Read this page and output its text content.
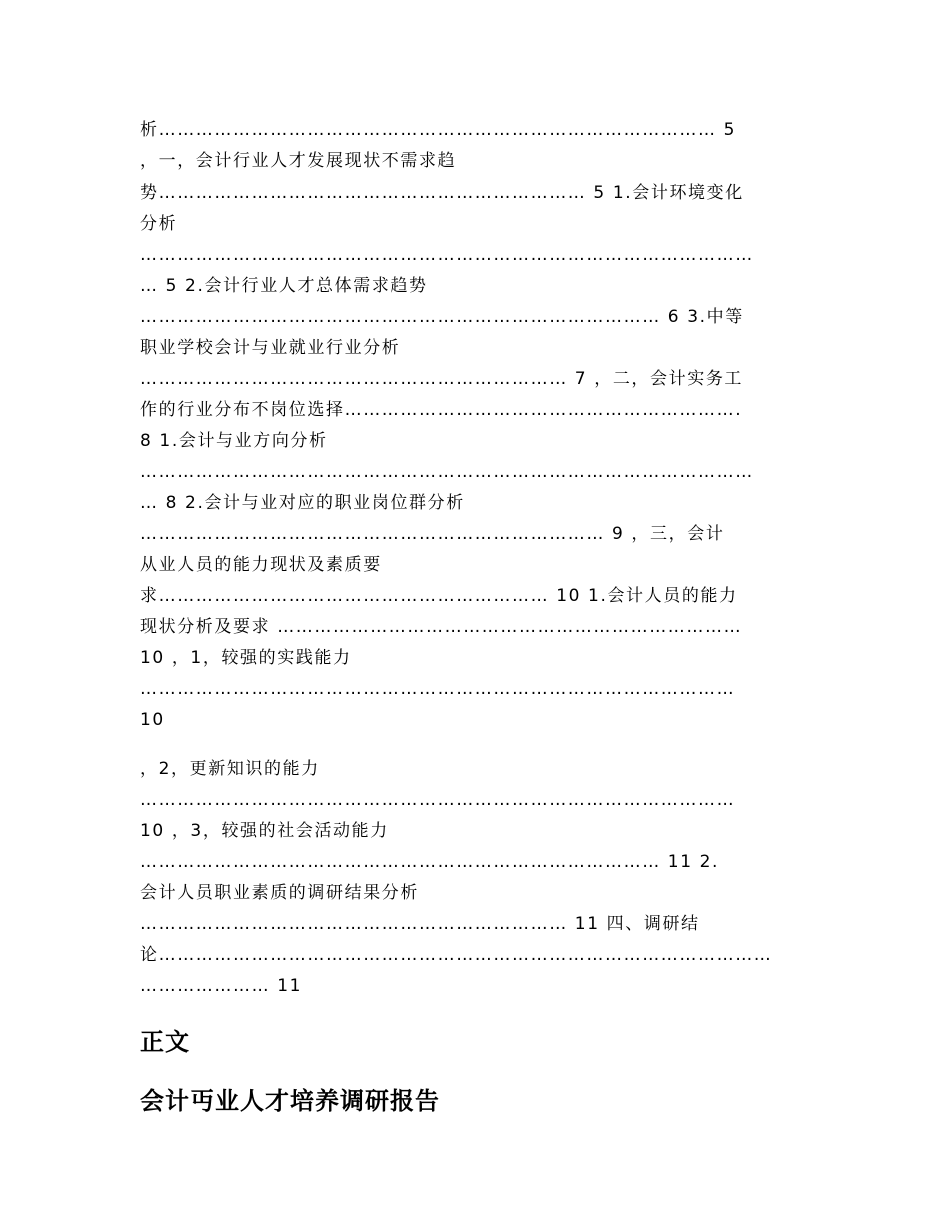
析……………………………………………………………………………… 5
，一，会计行业人才发展现状不需求趋
势…………………………………………………………… 5 1.会计环境变化
分析
………………………………………………………………………………………
… 5 2.会计行业人才总体需求趋势
………………………………………………………………………… 6 3.中等
职业学校会计与业就业行业分析
…………………………………………………………… 7 ，二，会计实务工
作的行业分布不岗位选择……………………………………………………….
8 1.会计与业方向分析
………………………………………………………………………………………
… 8 2.会计与业对应的职业岗位群分析
………………………………………………………………… 9 ，三，会计
从业人员的能力现状及素质要
求……………………………………………………… 10 1.会计人员的能力
现状分析及要求 …………………………………………………………………
10 ，1，较强的实践能力
……………………………………………………………………………………
10
，2，更新知识的能力
……………………………………………………………………………………
10 ，3，较强的社会活动能力
………………………………………………………………………… 11 2.
会计人员职业素质的调研结果分析
…………………………………………………………… 11 四、调研结
论………………………………………………………………………………………
………………… 11
正文
会计丏业人才培养调研报告
